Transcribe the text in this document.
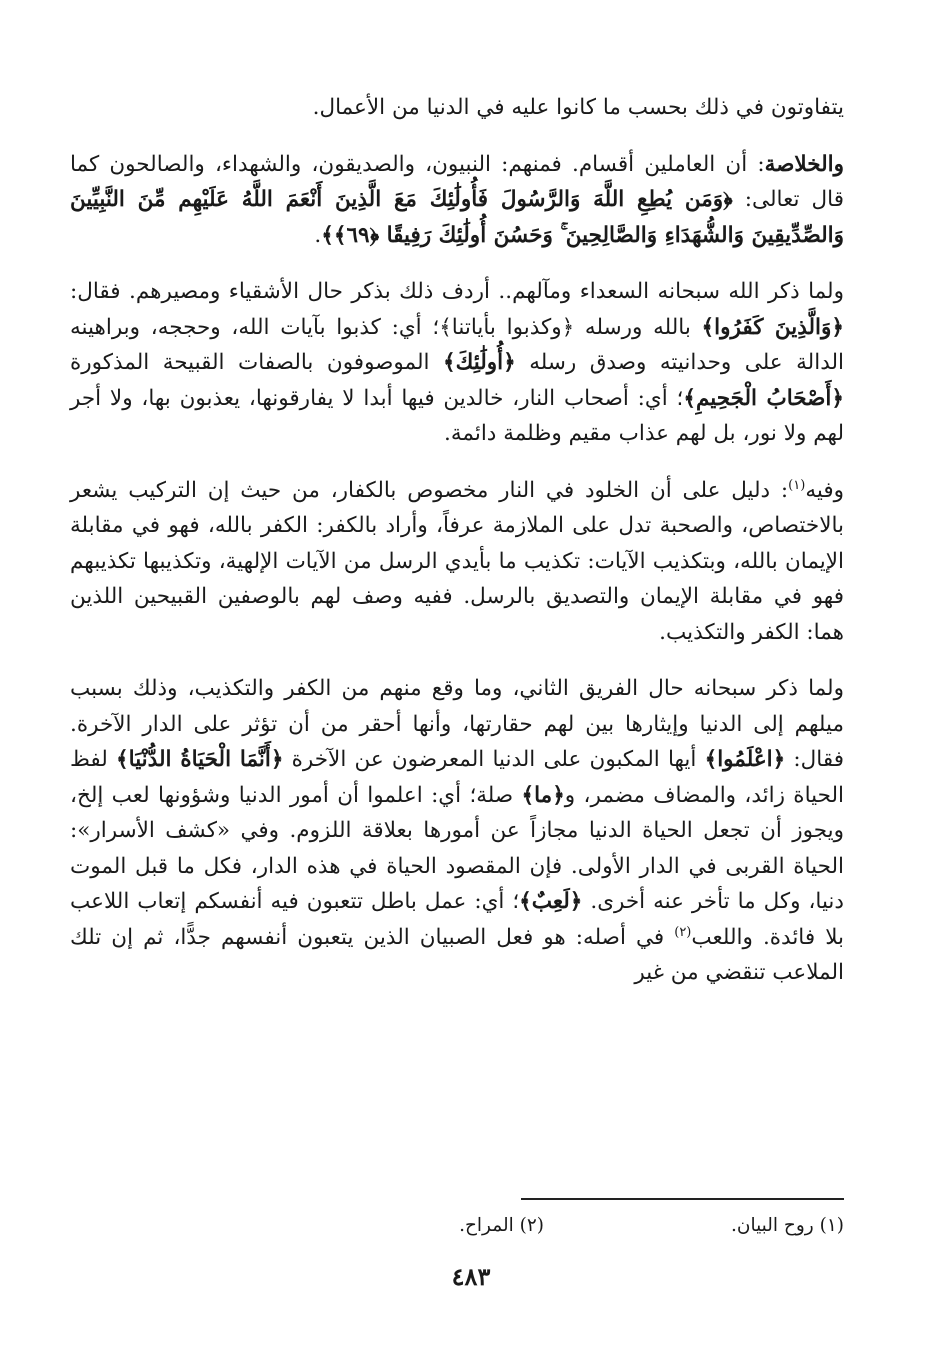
يتفاوتون في ذلك بحسب ما كانوا عليه في الدنيا من الأعمال.

والخلاصة: أن العاملين أقسام. فمنهم: النبيون، والصديقون، والشهداء، والصالحون كما قال تعالى: ﴿وَمَن يُطِعِ اللَّهَ وَالرَّسُولَ فَأُولَٰئِكَ مَعَ الَّذِينَ أَنْعَمَ اللَّهُ عَلَيْهِم مِّنَ النَّبِيِّينَ وَالصِّدِّيقِينَ وَالشُّهَدَاءِ وَالصَّالِحِينَ ۚ وَحَسُنَ أُولَٰئِكَ رَفِيقًا ﴿٦٩﴾﴾.

ولما ذكر الله سبحانه السعداء ومآلهم.. أردف ذلك بذكر حال الأشقياء ومصيرهم. فقال: ﴿وَالَّذِينَ كَفَرُوا﴾ بالله ورسله ﴿وكذبوا بأياتنا﴾؛ أي: كذبوا بآيات الله، وحججه، وبراهينه الدالة على وحدانيته وصدق رسله ﴿أُولَٰئِكَ﴾ الموصوفون بالصفات القبيحة المذكورة ﴿أَصْحَابُ الْجَحِيمِ﴾؛ أي: أصحاب النار، خالدين فيها أبدا لا يفارقونها، يعذبون بها، ولا أجر لهم ولا نور، بل لهم عذاب مقيم وظلمة دائمة.

وفيه$^{(١)}$: دليل على أن الخلود في النار مخصوص بالكفار، من حيث إن التركيب يشعر بالاختصاص، والصحبة تدل على الملازمة عرفاً، وأراد بالكفر: الكفر بالله، فهو في مقابلة الإيمان بالله، وبتكذيب الآيات: تكذيب ما بأيدي الرسل من الآيات الإلهية، وتكذيبها تكذيبهم فهو في مقابلة الإيمان والتصديق بالرسل. ففيه وصف لهم بالوصفين القبيحين اللذين هما: الكفر والتكذيب.

ولما ذكر سبحانه حال الفريق الثاني، وما وقع منهم من الكفر والتكذيب، وذلك بسبب ميلهم إلى الدنيا وإيثارها بين لهم حقارتها، وأنها أحقر من أن تؤثر على الدار الآخرة. فقال: ﴿اعْلَمُوا﴾ أيها المكبون على الدنيا المعرضون عن الآخرة ﴿أَنَّمَا الْحَيَاةُ الدُّنْيَا﴾ لفظ الحياة زائد، والمضاف مضمر، و﴿ما﴾ صلة؛ أي: اعلموا أن أمور الدنيا وشؤونها لعب إلخ، ويجوز أن تجعل الحياة الدنيا مجازاً عن أمورها بعلاقة اللزوم. وفي «كشف الأسرار»: الحياة القربى في الدار الأولى. فإن المقصود الحياة في هذه الدار، فكل ما قبل الموت دنيا، وكل ما تأخر عنه أخرى. ﴿لَعِبٌ﴾؛ أي: عمل باطل تتعبون فيه أنفسكم إتعاب اللاعب بلا فائدة. واللعب$^{(٢)}$ في أصله: هو فعل الصبيان الذين يتعبون أنفسهم جدًّا، ثم إن تلك الملاعب تنقضي من غير

(١) روح البيان.
(٢) المراح.
٤٨٣
